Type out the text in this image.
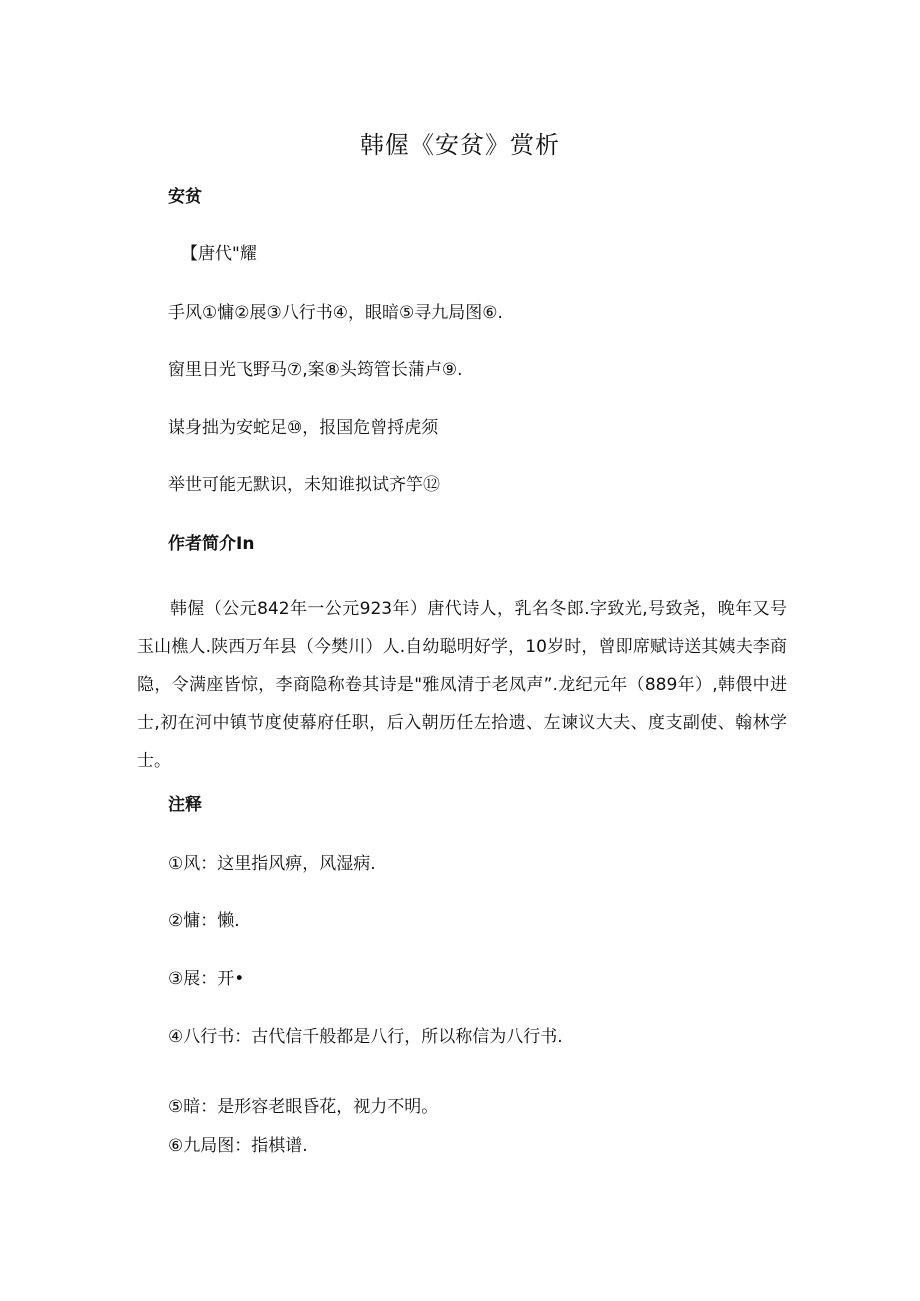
韩偓《安贫》赏析
安贫

【唐代"耀

手风①慵②展③八行书④，眼暗⑤寻九局图⑥.

窗里日光飞野马⑦,案⑧头筠管长蒲卢⑨.

谋身拙为安蛇足⑩，报国危曾捋虎须

举世可能无默识，未知谁拟试齐竽⑫

作者简介In

韩偓（公元842年一公元923年）唐代诗人，乳名冬郎.字致光,号致尧，晚年又号玉山樵人.陕西万年县（今樊川）人.自幼聪明好学，10岁时，曾即席赋诗送其姨夫李商隐，令满座皆惊，李商隐称卷其诗是"雅凤清于老凤声”.龙纪元年（889年）,韩偎中进士,初在河中镇节度使幕府任职，后入朝历任左拾遗、左谏议大夫、度支副使、翰林学士。

注释

①风：这里指风痹，风湿病.

②慵：懒.

③展：开•

④八行书：古代信千般都是八行，所以称信为八行书.

⑤暗：是形容老眼昏花，视力不明。

⑥九局图：指棋谱.
